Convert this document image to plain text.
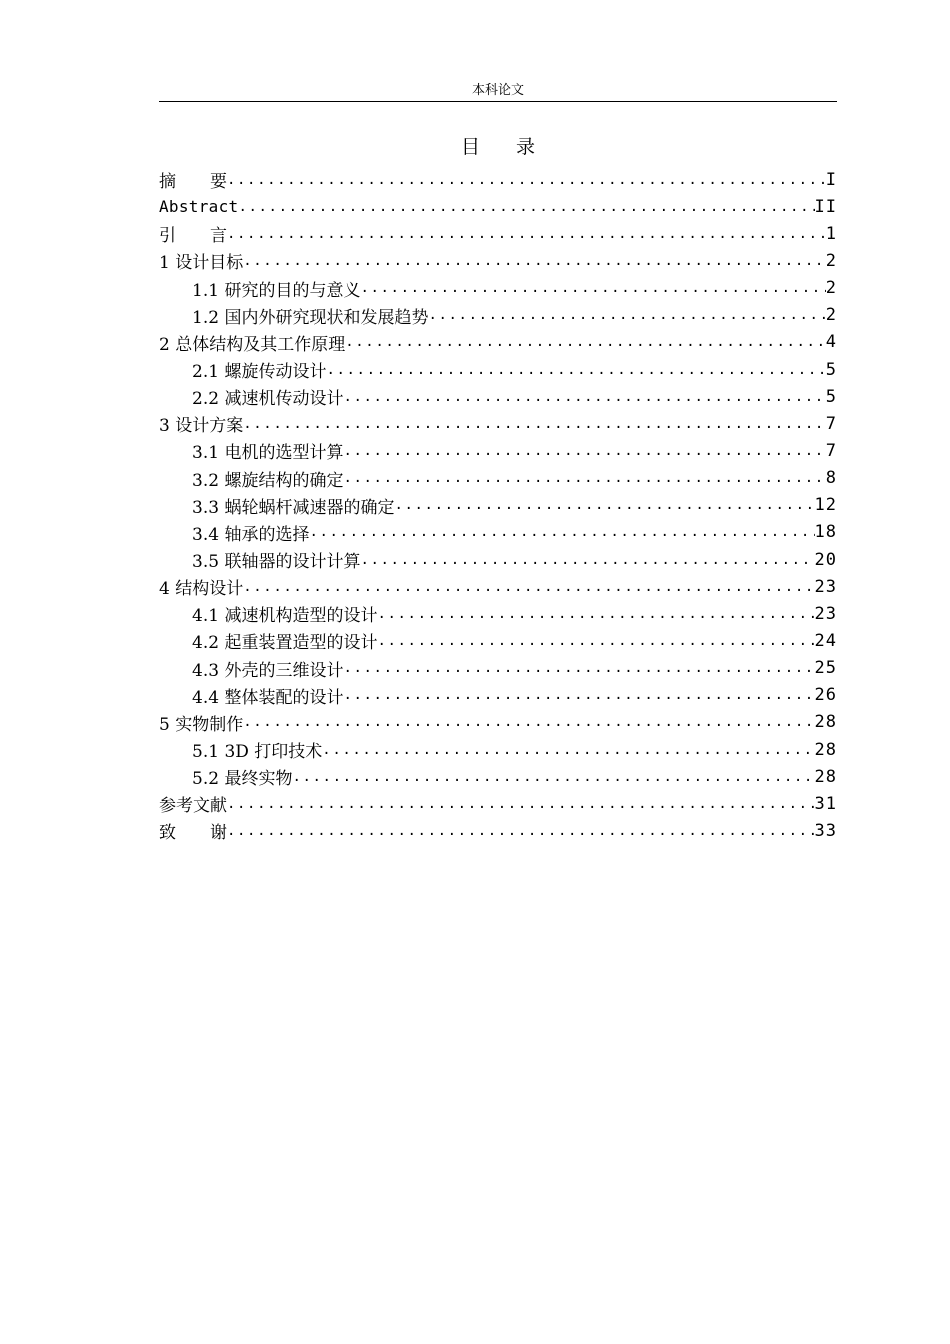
本科论文
目 录
摘　　要 .....	I
Abstract .....	II
引　　言 .....	1
1 设计目标 .....	2
1.1 研究的目的与意义 .....	2
1.2 国内外研究现状和发展趋势 .....	2
2 总体结构及其工作原理 .....	4
2.1 螺旋传动设计 .....	5
2.2 减速机传动设计 .....	5
3 设计方案 .....	7
3.1 电机的选型计算 .....	7
3.2 螺旋结构的确定 .....	8
3.3 蜗轮蜗杆减速器的确定 .....	12
3.4 轴承的选择 .....	18
3.5 联轴器的设计计算 .....	20
4 结构设计 .....	23
4.1 减速机构造型的设计 .....	23
4.2 起重装置造型的设计 .....	24
4.3 外壳的三维设计 .....	25
4.4 整体装配的设计 .....	26
5 实物制作 .....	28
5.1 3D 打印技术 .....	28
5.2 最终实物 .....	28
参考文献 .....	31
致　　谢 .....	33
